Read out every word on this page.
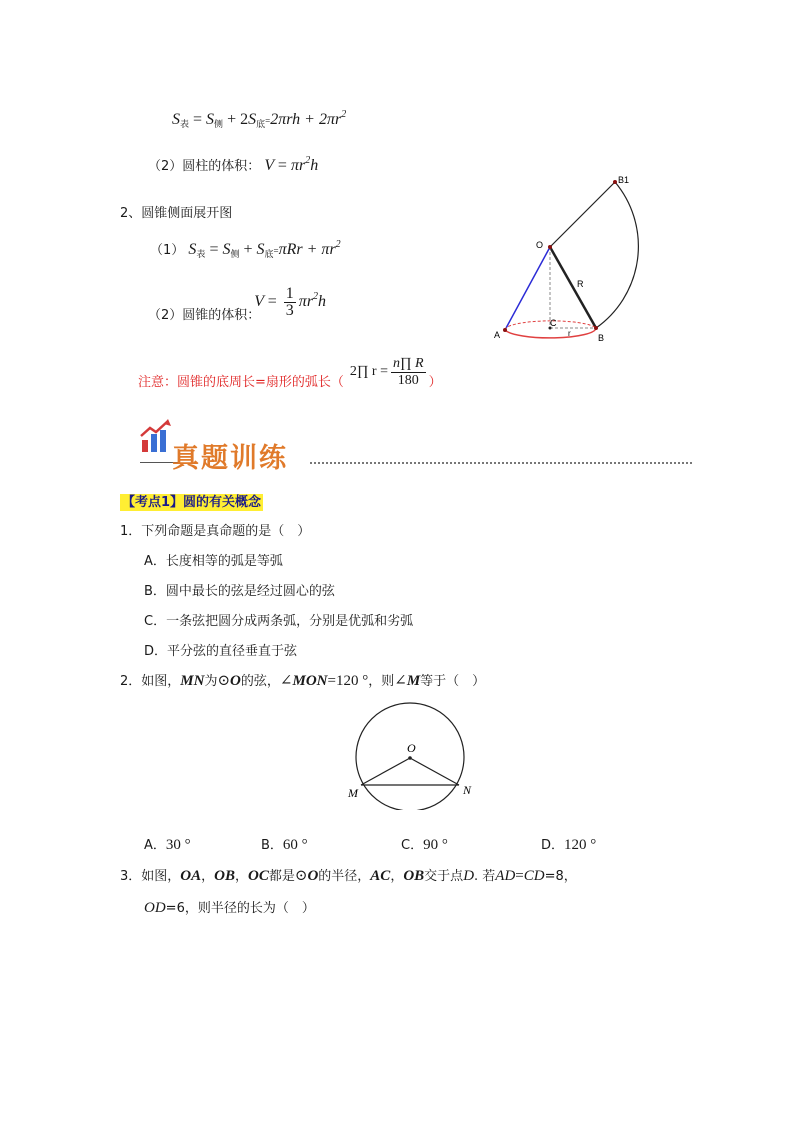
$S_表 = S_侧 + 2S_底=2\pi rh + 2\pi r^2$
（2）圆柱的体积： $V = \pi r^2h$
2、圆锥侧面展开图
（1） $S_表 = S_侧 + S_底=\pi Rr + \pi r^2$
（2）圆锥的体积：
$V = \frac{1}{3} \pi r^2h$
B1
O
R
A
C
r	B
注意：圆锥的底周长=扇形的弧长（
2∏ $r = \frac{n\prod R}{180}$ ）
真题训练
【考点1】圆的有关概念
1．下列命题是真命题的是（　）
A．长度相等的弧是等弧
B．圆中最长的弦是经过圆心的弦
C．一条弦把圆分成两条弧，分别是优弧和劣弧
D．平分弦的直径垂直于弦
2．如图，MN为⊙O的弦，∠MON=120 °，则∠M等于（　）
O
M	N
A．30 °	B．60 °	C．90 °	D．120 °
3．如图，OA，OB，OC都是⊙O的半径，AC，OB交于点D. 若AD=CD=8，
OD=6，则半径的长为（　）
